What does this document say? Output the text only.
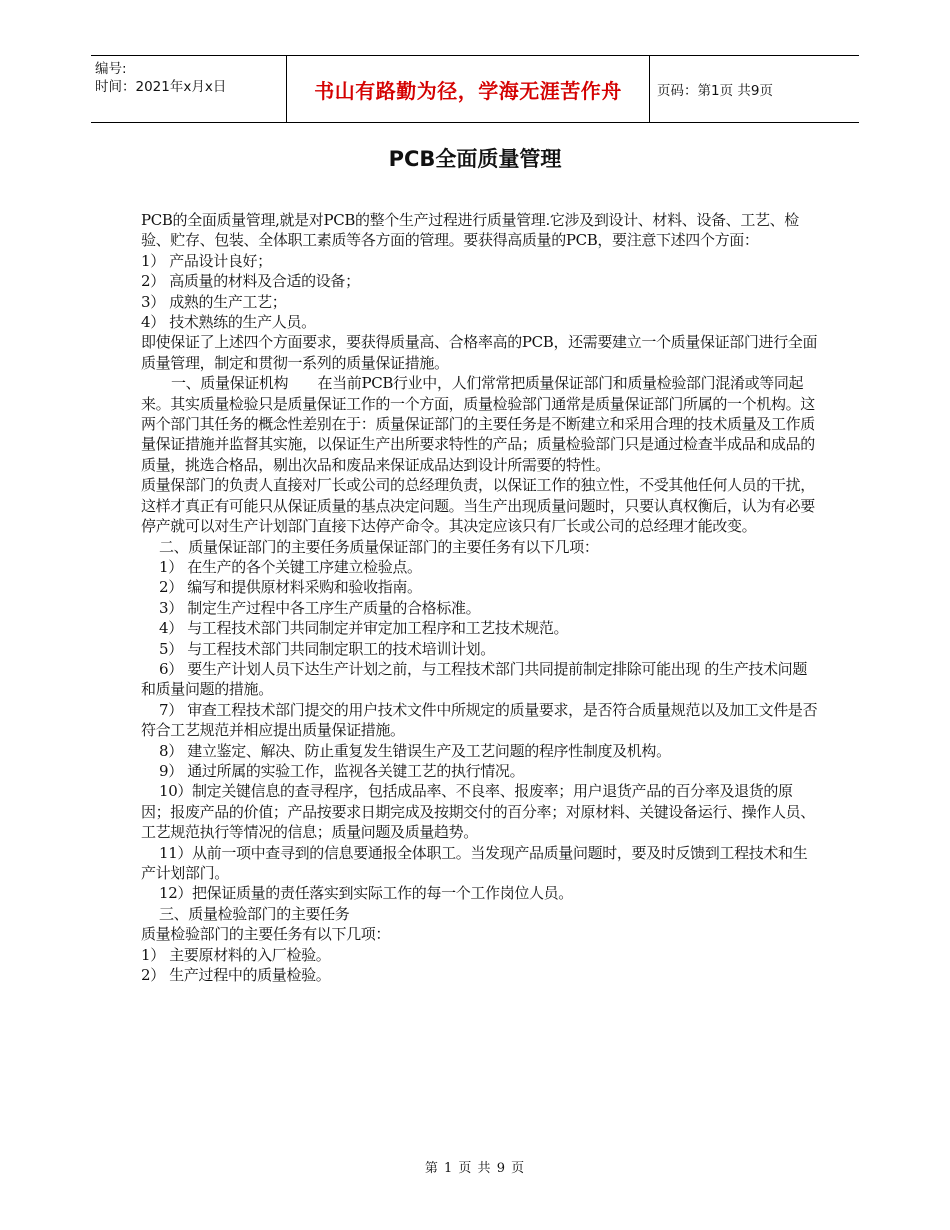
编号:
时间：2021年x月x日	书山有路勤为径，学海无涯苦作舟	页码：第1页 共9页
PCB全面质量管理

PCB的全面质量管理,就是对PCB的整个生产过程进行质量管理.它涉及到设计、材料、设备、工艺、检验、贮存、包装、全体职工素质等各方面的管理。要获得高质量的PCB，要注意下述四个方面：

1） 产品设计良好；

2） 高质量的材料及合适的设备；

3） 成熟的生产工艺；

4） 技术熟练的生产人员。

即使保证了上述四个方面要求，要获得质量高、合格率高的PCB，还需要建立一个质量保证部门进行全面质量管理，制定和贯彻一系列的质量保证措施。

一、质量保证机构　　在当前PCB行业中，人们常常把质量保证部门和质量检验部门混淆或等同起来。其实质量检验只是质量保证工作的一个方面，质量检验部门通常是质量保证部门所属的一个机构。这两个部门其任务的概念性差别在于：质量保证部门的主要任务是不断建立和采用合理的技术质量及工作质量保证措施并监督其实施，以保证生产出所要求特性的产品；质量检验部门只是通过检查半成品和成品的质量，挑选合格品，剔出次品和废品来保证成品达到设计所需要的特性。

质量保部门的负责人直接对厂长或公司的总经理负责，以保证工作的独立性，不受其他任何人员的干扰，这样才真正有可能只从保证质量的基点决定问题。当生产出现质量问题时，只要认真权衡后，认为有必要停产就可以对生产计划部门直接下达停产命令。其决定应该只有厂长或公司的总经理才能改变。

二、质量保证部门的主要任务质量保证部门的主要任务有以下几项：

1） 在生产的各个关键工序建立检验点。

2） 编写和提供原材料采购和验收指南。

3） 制定生产过程中各工序生产质量的合格标准。

4） 与工程技术部门共同制定并审定加工程序和工艺技术规范。

5） 与工程技术部门共同制定职工的技术培训计划。

6） 要生产计划人员下达生产计划之前，与工程技术部门共同提前制定排除可能出现 的生产技术问题和质量问题的措施。

7） 审查工程技术部门提交的用户技术文件中所规定的质量要求，是否符合质量规范以及加工文件是否符合工艺规范并相应提出质量保证措施。

8） 建立鉴定、解决、防止重复发生错误生产及工艺问题的程序性制度及机构。

9） 通过所属的实验工作，监视各关键工艺的执行情况。

10）制定关键信息的查寻程序，包括成品率、不良率、报废率；用户退货产品的百分率及退货的原因；报废产品的价值；产品按要求日期完成及按期交付的百分率；对原材料、关键设备运行、操作人员、工艺规范执行等情况的信息；质量问题及质量趋势。

11）从前一项中查寻到的信息要通报全体职工。当发现产品质量问题时，要及时反馈到工程技术和生产计划部门。

12）把保证质量的责任落实到实际工作的每一个工作岗位人员。

三、质量检验部门的主要任务

质量检验部门的主要任务有以下几项：

1） 主要原材料的入厂检验。

2） 生产过程中的质量检验。

第 1 页 共 9 页
